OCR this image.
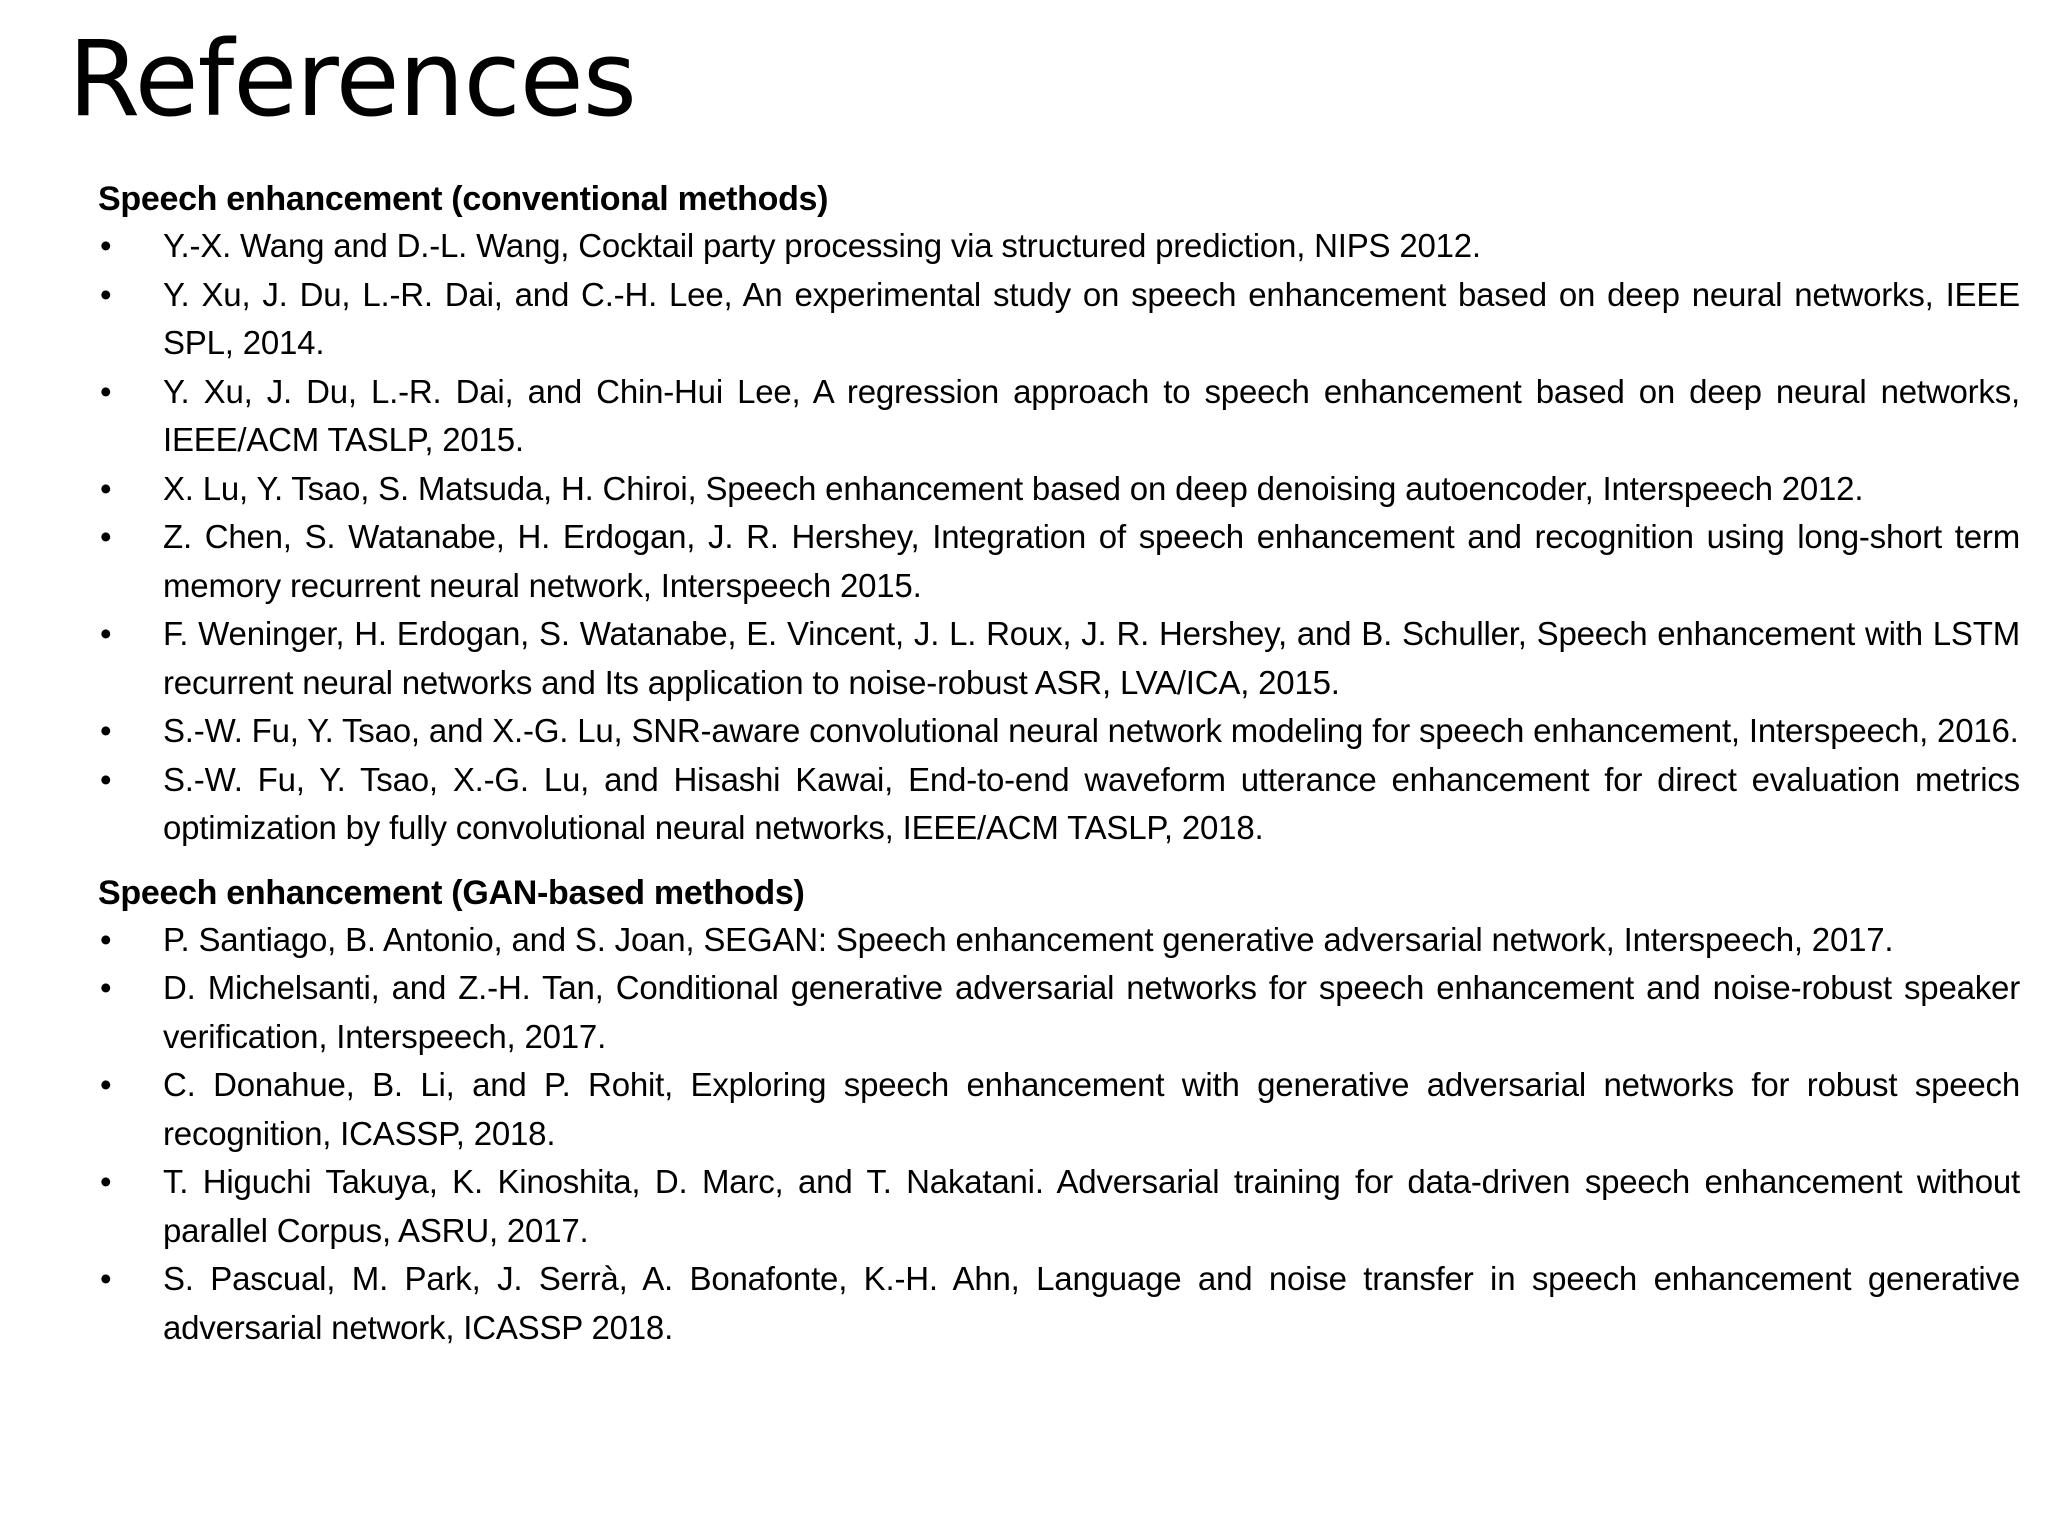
References
Speech enhancement (conventional methods)
•	Y.-X. Wang and D.-L. Wang, Cocktail party processing via structured prediction, NIPS 2012.
•	Y. Xu, J. Du, L.-R. Dai, and C.-H. Lee, An experimental study on speech enhancement based on deep neural networks, IEEE SPL, 2014.
•	Y. Xu, J. Du, L.-R. Dai, and Chin-Hui Lee, A regression approach to speech enhancement based on deep neural networks, IEEE/ACM TASLP, 2015.
•	X. Lu, Y. Tsao, S. Matsuda, H. Chiroi, Speech enhancement based on deep denoising autoencoder, Interspeech 2012.
•	Z. Chen, S. Watanabe, H. Erdogan, J. R. Hershey, Integration of speech enhancement and recognition using long-short term memory recurrent neural network, Interspeech 2015.
•	F. Weninger, H. Erdogan, S. Watanabe, E. Vincent, J. L. Roux, J. R. Hershey, and B. Schuller, Speech enhancement with LSTM recurrent neural networks and Its application to noise-robust ASR, LVA/ICA, 2015.
•	S.-W. Fu, Y. Tsao, and X.-G. Lu, SNR-aware convolutional neural network modeling for speech enhancement, Interspeech, 2016.
•	S.-W. Fu, Y. Tsao, X.-G. Lu, and Hisashi Kawai, End-to-end waveform utterance enhancement for direct evaluation metrics optimization by fully convolutional neural networks, IEEE/ACM TASLP, 2018.
Speech enhancement (GAN-based methods)
•	P. Santiago, B. Antonio, and S. Joan, SEGAN: Speech enhancement generative adversarial network, Interspeech, 2017.
•	D. Michelsanti, and Z.-H. Tan, Conditional generative adversarial networks for speech enhancement and noise-robust speaker verification, Interspeech, 2017.
•	C. Donahue, B. Li, and P. Rohit, Exploring speech enhancement with generative adversarial networks for robust speech recognition, ICASSP, 2018.
•	T. Higuchi Takuya, K. Kinoshita, D. Marc, and T. Nakatani. Adversarial training for data-driven speech enhancement without parallel Corpus, ASRU, 2017.
•	S. Pascual, M. Park, J. Serrà, A. Bonafonte, K.-H. Ahn, Language and noise transfer in speech enhancement generative adversarial network, ICASSP 2018.
